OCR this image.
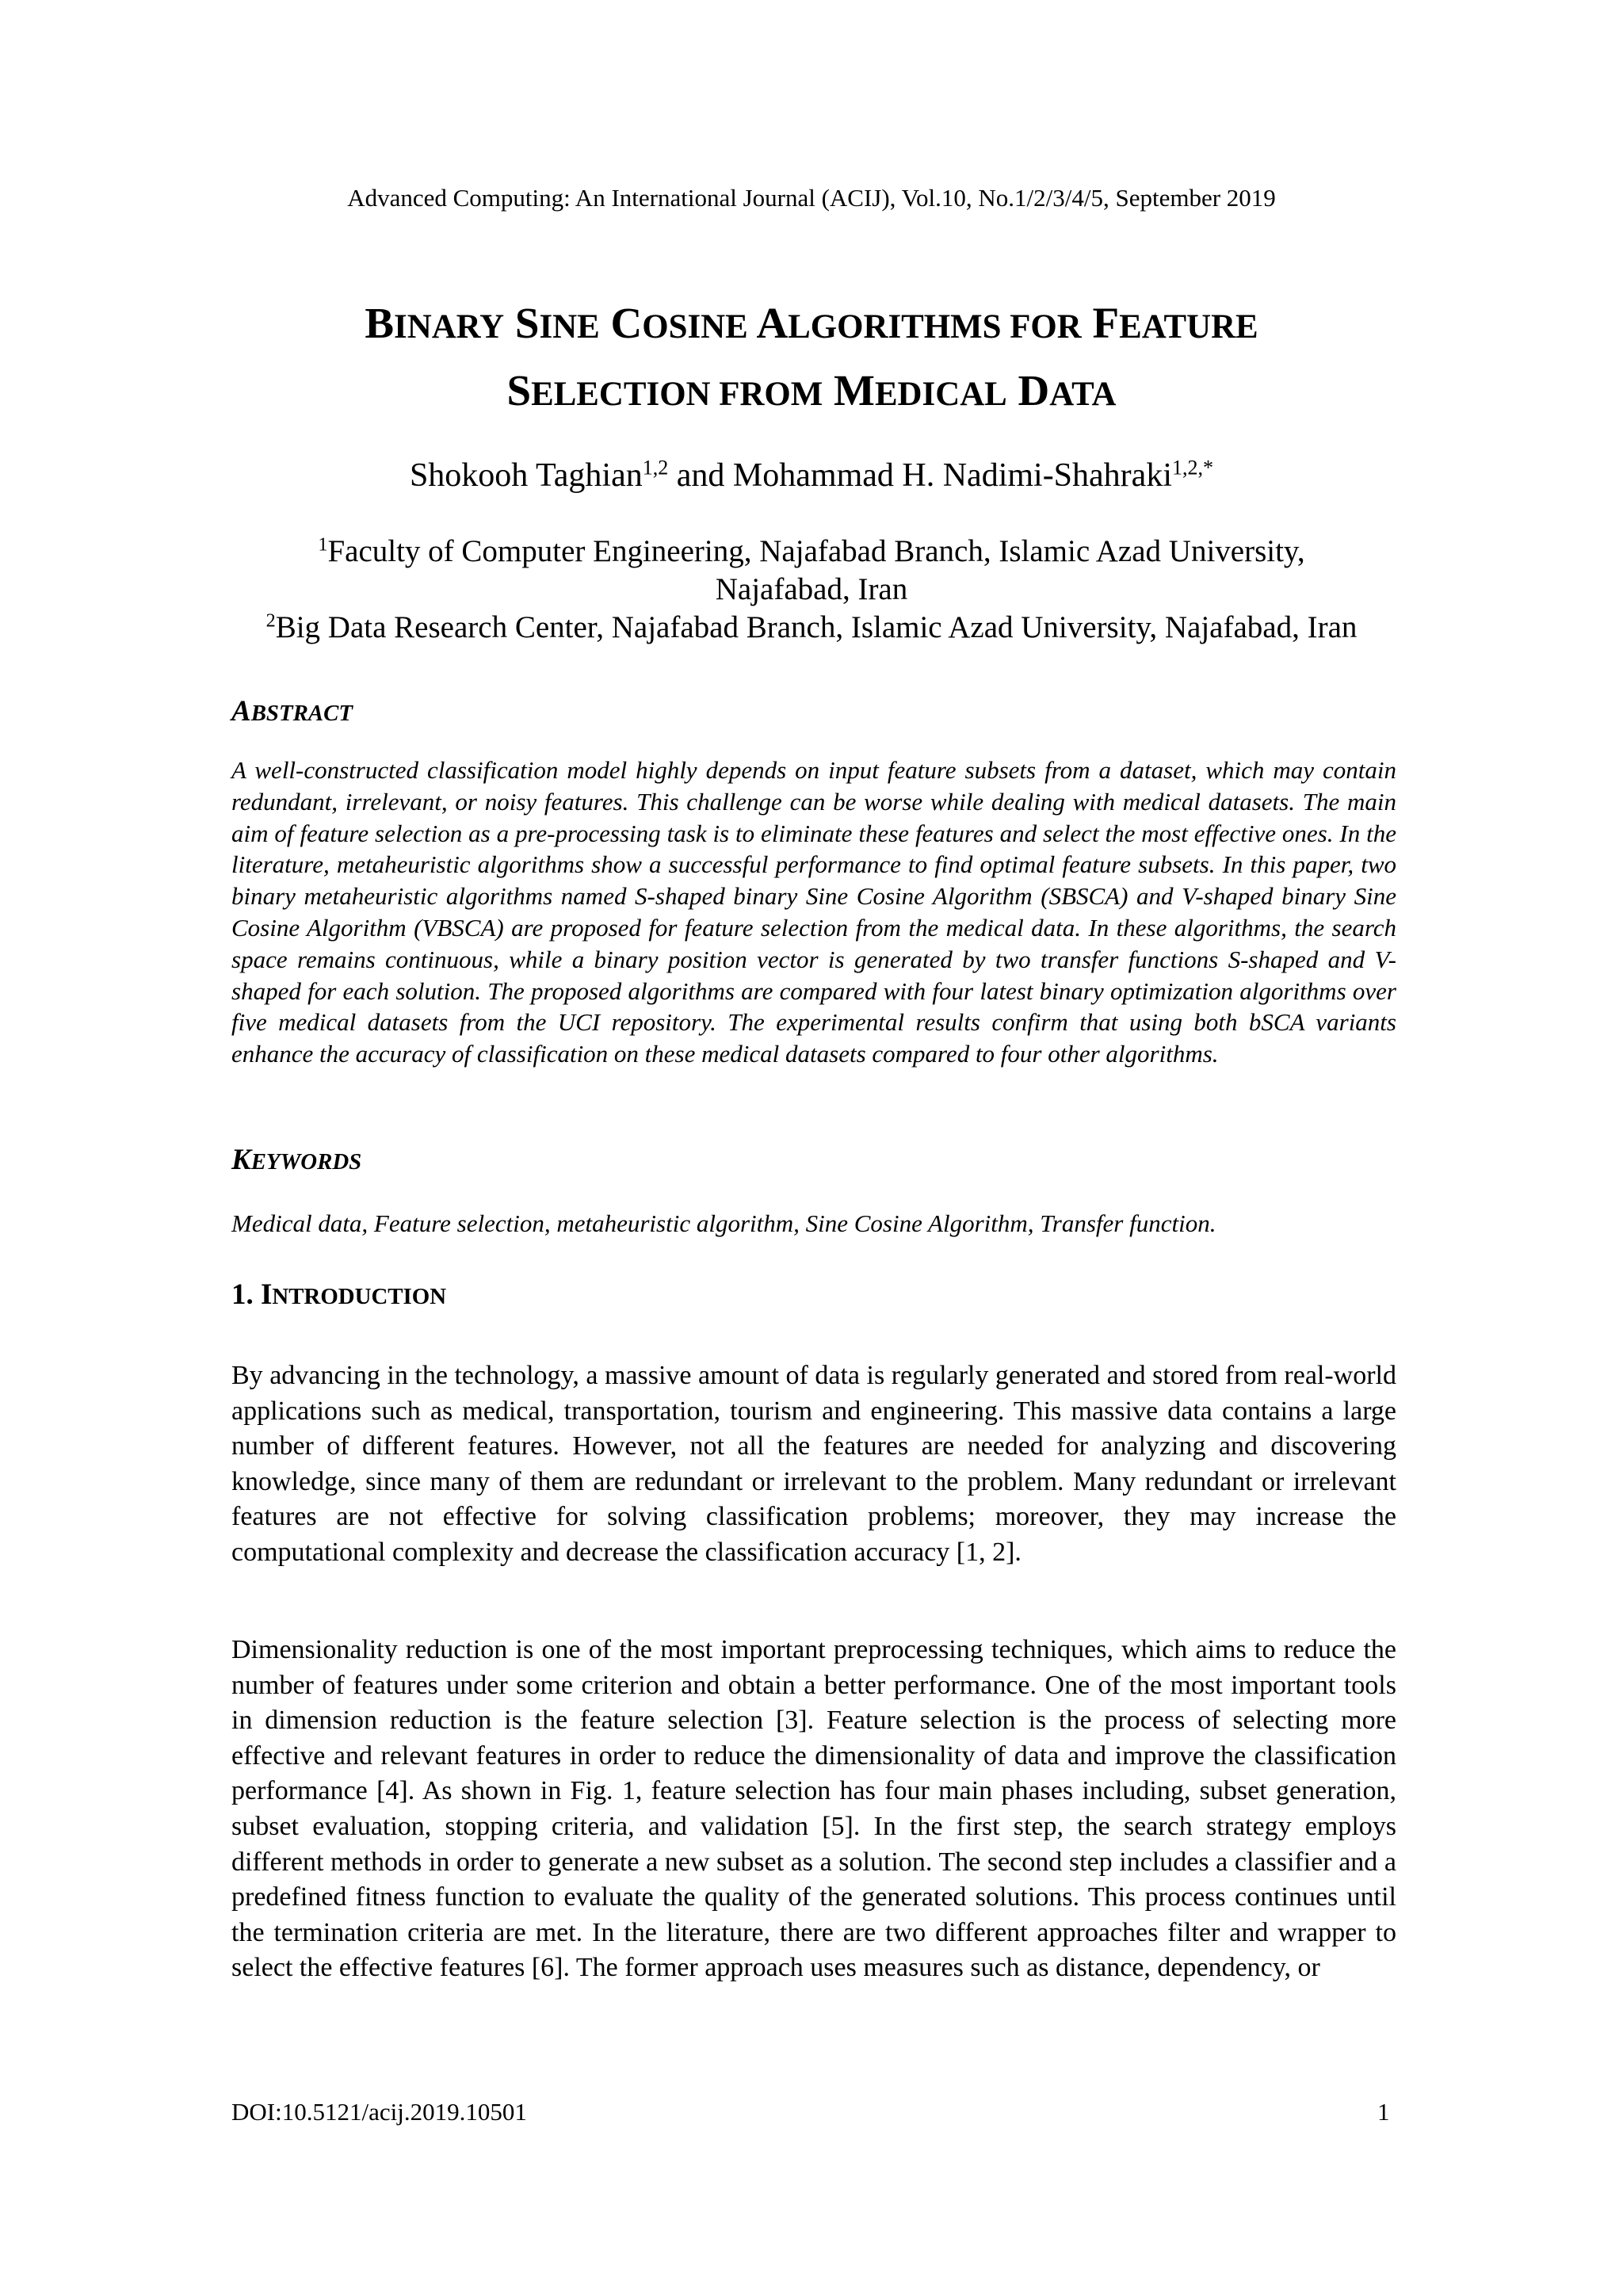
Advanced Computing: An International Journal (ACIJ), Vol.10, No.1/2/3/4/5, September 2019
BINARY SINE COSINE ALGORITHMS FOR FEATURE
SELECTION FROM MEDICAL DATA
Shokooh Taghian$^{1,2}$ and Mohammad H. Nadimi-Shahraki$^{1,2,*}$
$^1$Faculty of Computer Engineering, Najafabad Branch, Islamic Azad University,
Najafabad, Iran
$^2$Big Data Research Center, Najafabad Branch, Islamic Azad University, Najafabad, Iran
ABSTRACT
A well-constructed classification model highly depends on input feature subsets from a dataset, which may contain redundant, irrelevant, or noisy features. This challenge can be worse while dealing with medical datasets. The main aim of feature selection as a pre-processing task is to eliminate these features and select the most effective ones. In the literature, metaheuristic algorithms show a successful performance to find optimal feature subsets. In this paper, two binary metaheuristic algorithms named S-shaped binary Sine Cosine Algorithm (SBSCA) and V-shaped binary Sine Cosine Algorithm (VBSCA) are proposed for feature selection from the medical data. In these algorithms, the search space remains continuous, while a binary position vector is generated by two transfer functions S-shaped and V-shaped for each solution. The proposed algorithms are compared with four latest binary optimization algorithms over five medical datasets from the UCI repository. The experimental results confirm that using both bSCA variants enhance the accuracy of classification on these medical datasets compared to four other algorithms.
KEYWORDS
Medical data, Feature selection, metaheuristic algorithm, Sine Cosine Algorithm, Transfer function.
1. INTRODUCTION
By advancing in the technology, a massive amount of data is regularly generated and stored from real-world applications such as medical, transportation, tourism and engineering. This massive data contains a large number of different features. However, not all the features are needed for analyzing and discovering knowledge, since many of them are redundant or irrelevant to the problem. Many redundant or irrelevant features are not effective for solving classification problems; moreover, they may increase the computational complexity and decrease the classification accuracy [1, 2].
Dimensionality reduction is one of the most important preprocessing techniques, which aims to reduce the number of features under some criterion and obtain a better performance. One of the most important tools in dimension reduction is the feature selection [3]. Feature selection is the process of selecting more effective and relevant features in order to reduce the dimensionality of data and improve the classification performance [4]. As shown in Fig. 1, feature selection has four main phases including, subset generation, subset evaluation, stopping criteria, and validation [5]. In the first step, the search strategy employs different methods in order to generate a new subset as a solution. The second step includes a classifier and a predefined fitness function to evaluate the quality of the generated solutions. This process continues until the termination criteria are met. In the literature, there are two different approaches filter and wrapper to select the effective features [6]. The former approach uses measures such as distance, dependency, or
DOI:10.5121/acij.2019.10501	1
